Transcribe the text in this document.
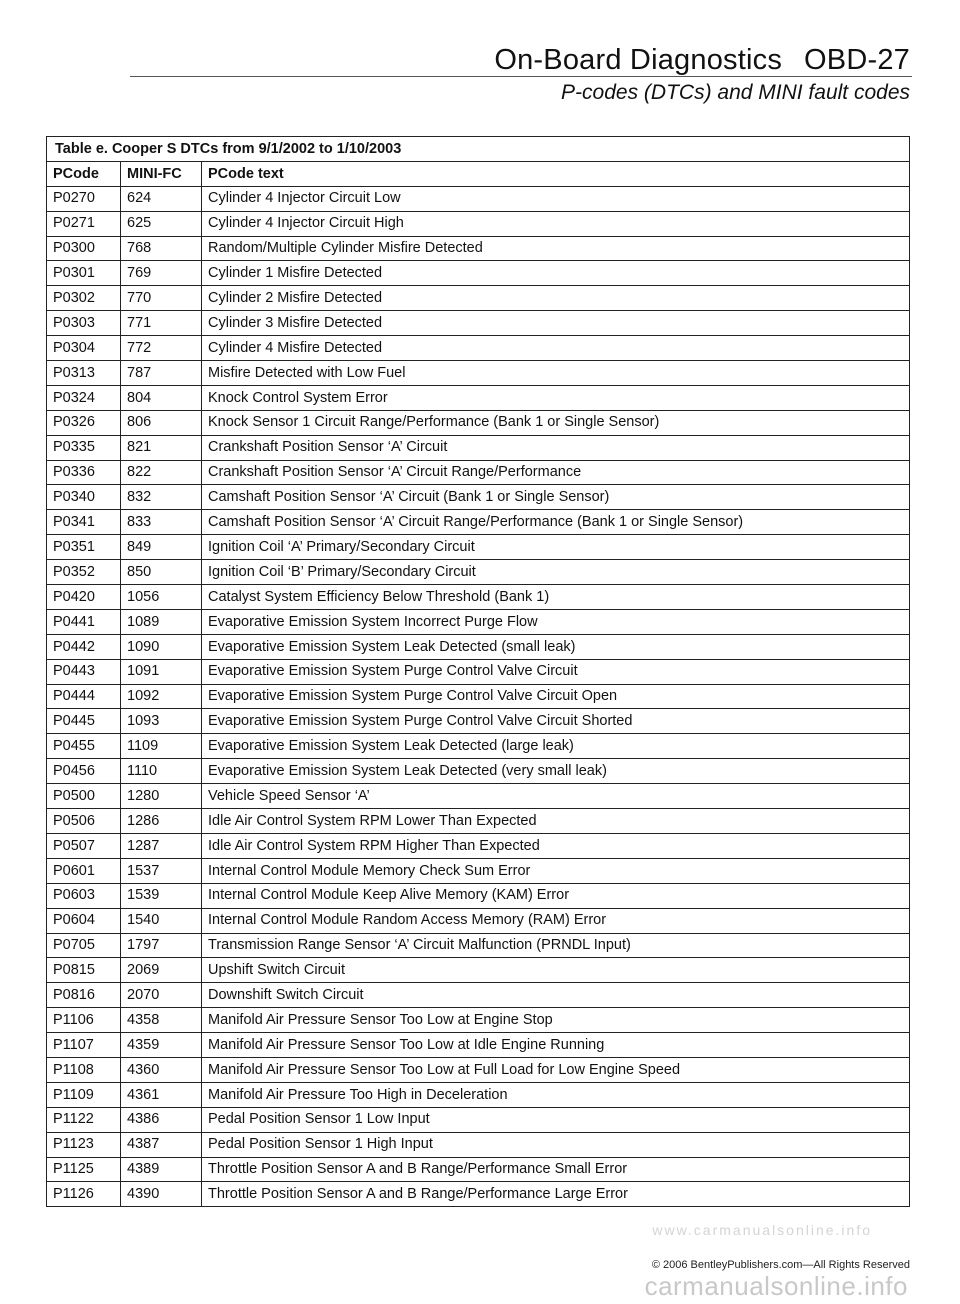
On-Board Diagnostics OBD-27
P-codes (DTCs) and MINI fault codes
Table e. Cooper S DTCs from 9/1/2002 to 1/10/2003		
PCode	MINI-FC	PCode text
P0270	624	Cylinder 4 Injector Circuit Low
P0271	625	Cylinder 4 Injector Circuit High
P0300	768	Random/Multiple Cylinder Misfire Detected
P0301	769	Cylinder 1 Misfire Detected
P0302	770	Cylinder 2 Misfire Detected
P0303	771	Cylinder 3 Misfire Detected
P0304	772	Cylinder 4 Misfire Detected
P0313	787	Misfire Detected with Low Fuel
P0324	804	Knock Control System Error
P0326	806	Knock Sensor 1 Circuit Range/Performance (Bank 1 or Single Sensor)
P0335	821	Crankshaft Position Sensor ‘A’ Circuit
P0336	822	Crankshaft Position Sensor ‘A’ Circuit Range/Performance
P0340	832	Camshaft Position Sensor ‘A’ Circuit (Bank 1 or Single Sensor)
P0341	833	Camshaft Position Sensor ‘A’ Circuit Range/Performance (Bank 1 or Single Sensor)
P0351	849	Ignition Coil ‘A’ Primary/Secondary Circuit
P0352	850	Ignition Coil ‘B’ Primary/Secondary Circuit
P0420	1056	Catalyst System Efficiency Below Threshold (Bank 1)
P0441	1089	Evaporative Emission System Incorrect Purge Flow
P0442	1090	Evaporative Emission System Leak Detected (small leak)
P0443	1091	Evaporative Emission System Purge Control Valve Circuit
P0444	1092	Evaporative Emission System Purge Control Valve Circuit Open
P0445	1093	Evaporative Emission System Purge Control Valve Circuit Shorted
P0455	1109	Evaporative Emission System Leak Detected (large leak)
P0456	1110	Evaporative Emission System Leak Detected (very small leak)
P0500	1280	Vehicle Speed Sensor ‘A’
P0506	1286	Idle Air Control System RPM Lower Than Expected
P0507	1287	Idle Air Control System RPM Higher Than Expected
P0601	1537	Internal Control Module Memory Check Sum Error
P0603	1539	Internal Control Module Keep Alive Memory (KAM) Error
P0604	1540	Internal Control Module Random Access Memory (RAM) Error
P0705	1797	Transmission Range Sensor ‘A’ Circuit Malfunction (PRNDL Input)
P0815	2069	Upshift Switch Circuit
P0816	2070	Downshift Switch Circuit
P1106	4358	Manifold Air Pressure Sensor Too Low at Engine Stop
P1107	4359	Manifold Air Pressure Sensor Too Low at Idle Engine Running
P1108	4360	Manifold Air Pressure Sensor Too Low at Full Load for Low Engine Speed
P1109	4361	Manifold Air Pressure Too High in Deceleration
P1122	4386	Pedal Position Sensor 1 Low Input
P1123	4387	Pedal Position Sensor 1 High Input
P1125	4389	Throttle Position Sensor A and B Range/Performance Small Error
P1126	4390	Throttle Position Sensor A and B Range/Performance Large Error
www.carmanualsonline.info
© 2006 BentleyPublishers.com—All Rights Reserved
carmanualsonline.info
